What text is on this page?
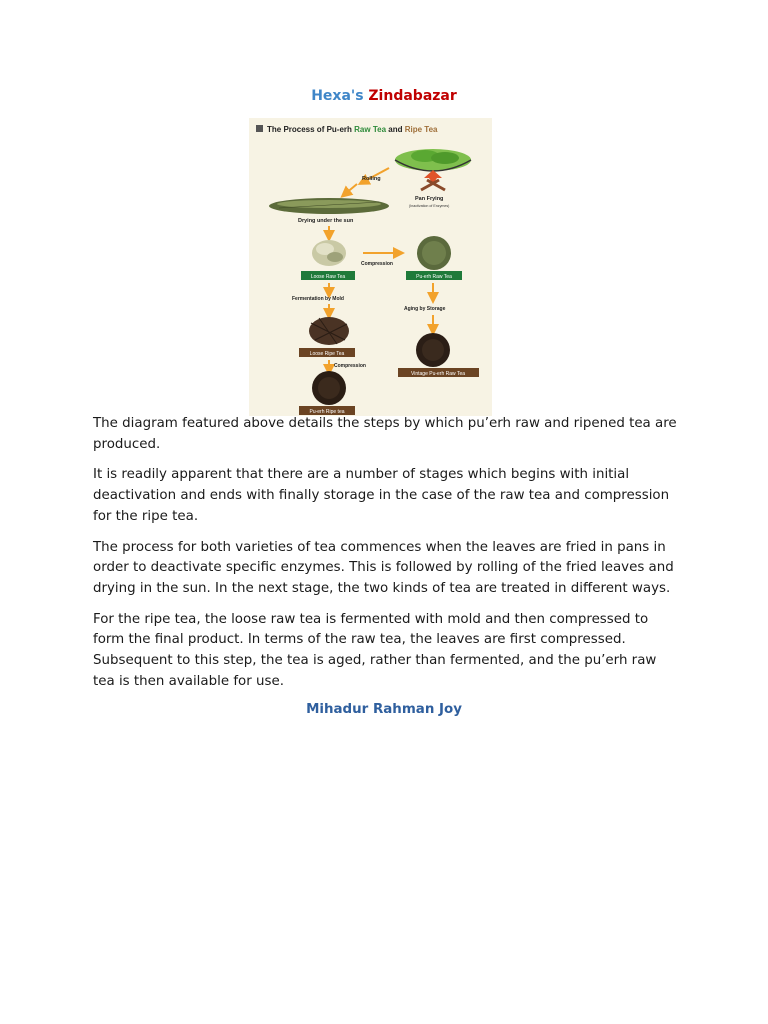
Hexa's Zindabazar
The Process of Pu-erh Raw Tea and Ripe Tea
Pan Frying
(Inactivation of Enzymes)
Rolling
Drying under the sun
Loose Raw Tea
Compression
Pu-erh Raw Tea
Fermentation by Mold
Aging by Storage
Loose Ripe Tea
Vintage Pu-erh Raw Tea
Compression
Pu-erh Ripe tea

The diagram featured above details the steps by which pu’erh raw and ripened tea are produced.

It is readily apparent that there are a number of stages which begins with initial deactivation and ends with finally storage in the case of the raw tea and compression for the ripe tea.

The process for both varieties of tea commences when the leaves are fried in pans in order to deactivate specific enzymes. This is followed by rolling of the fried leaves and drying in the sun. In the next stage, the two kinds of tea are treated in different ways.

For the ripe tea, the loose raw tea is fermented with mold and then compressed to form the final product. In terms of the raw tea, the leaves are first compressed. Subsequent to this step, the tea is aged, rather than fermented, and the pu’erh raw tea is then available for use.

Mihadur Rahman Joy
